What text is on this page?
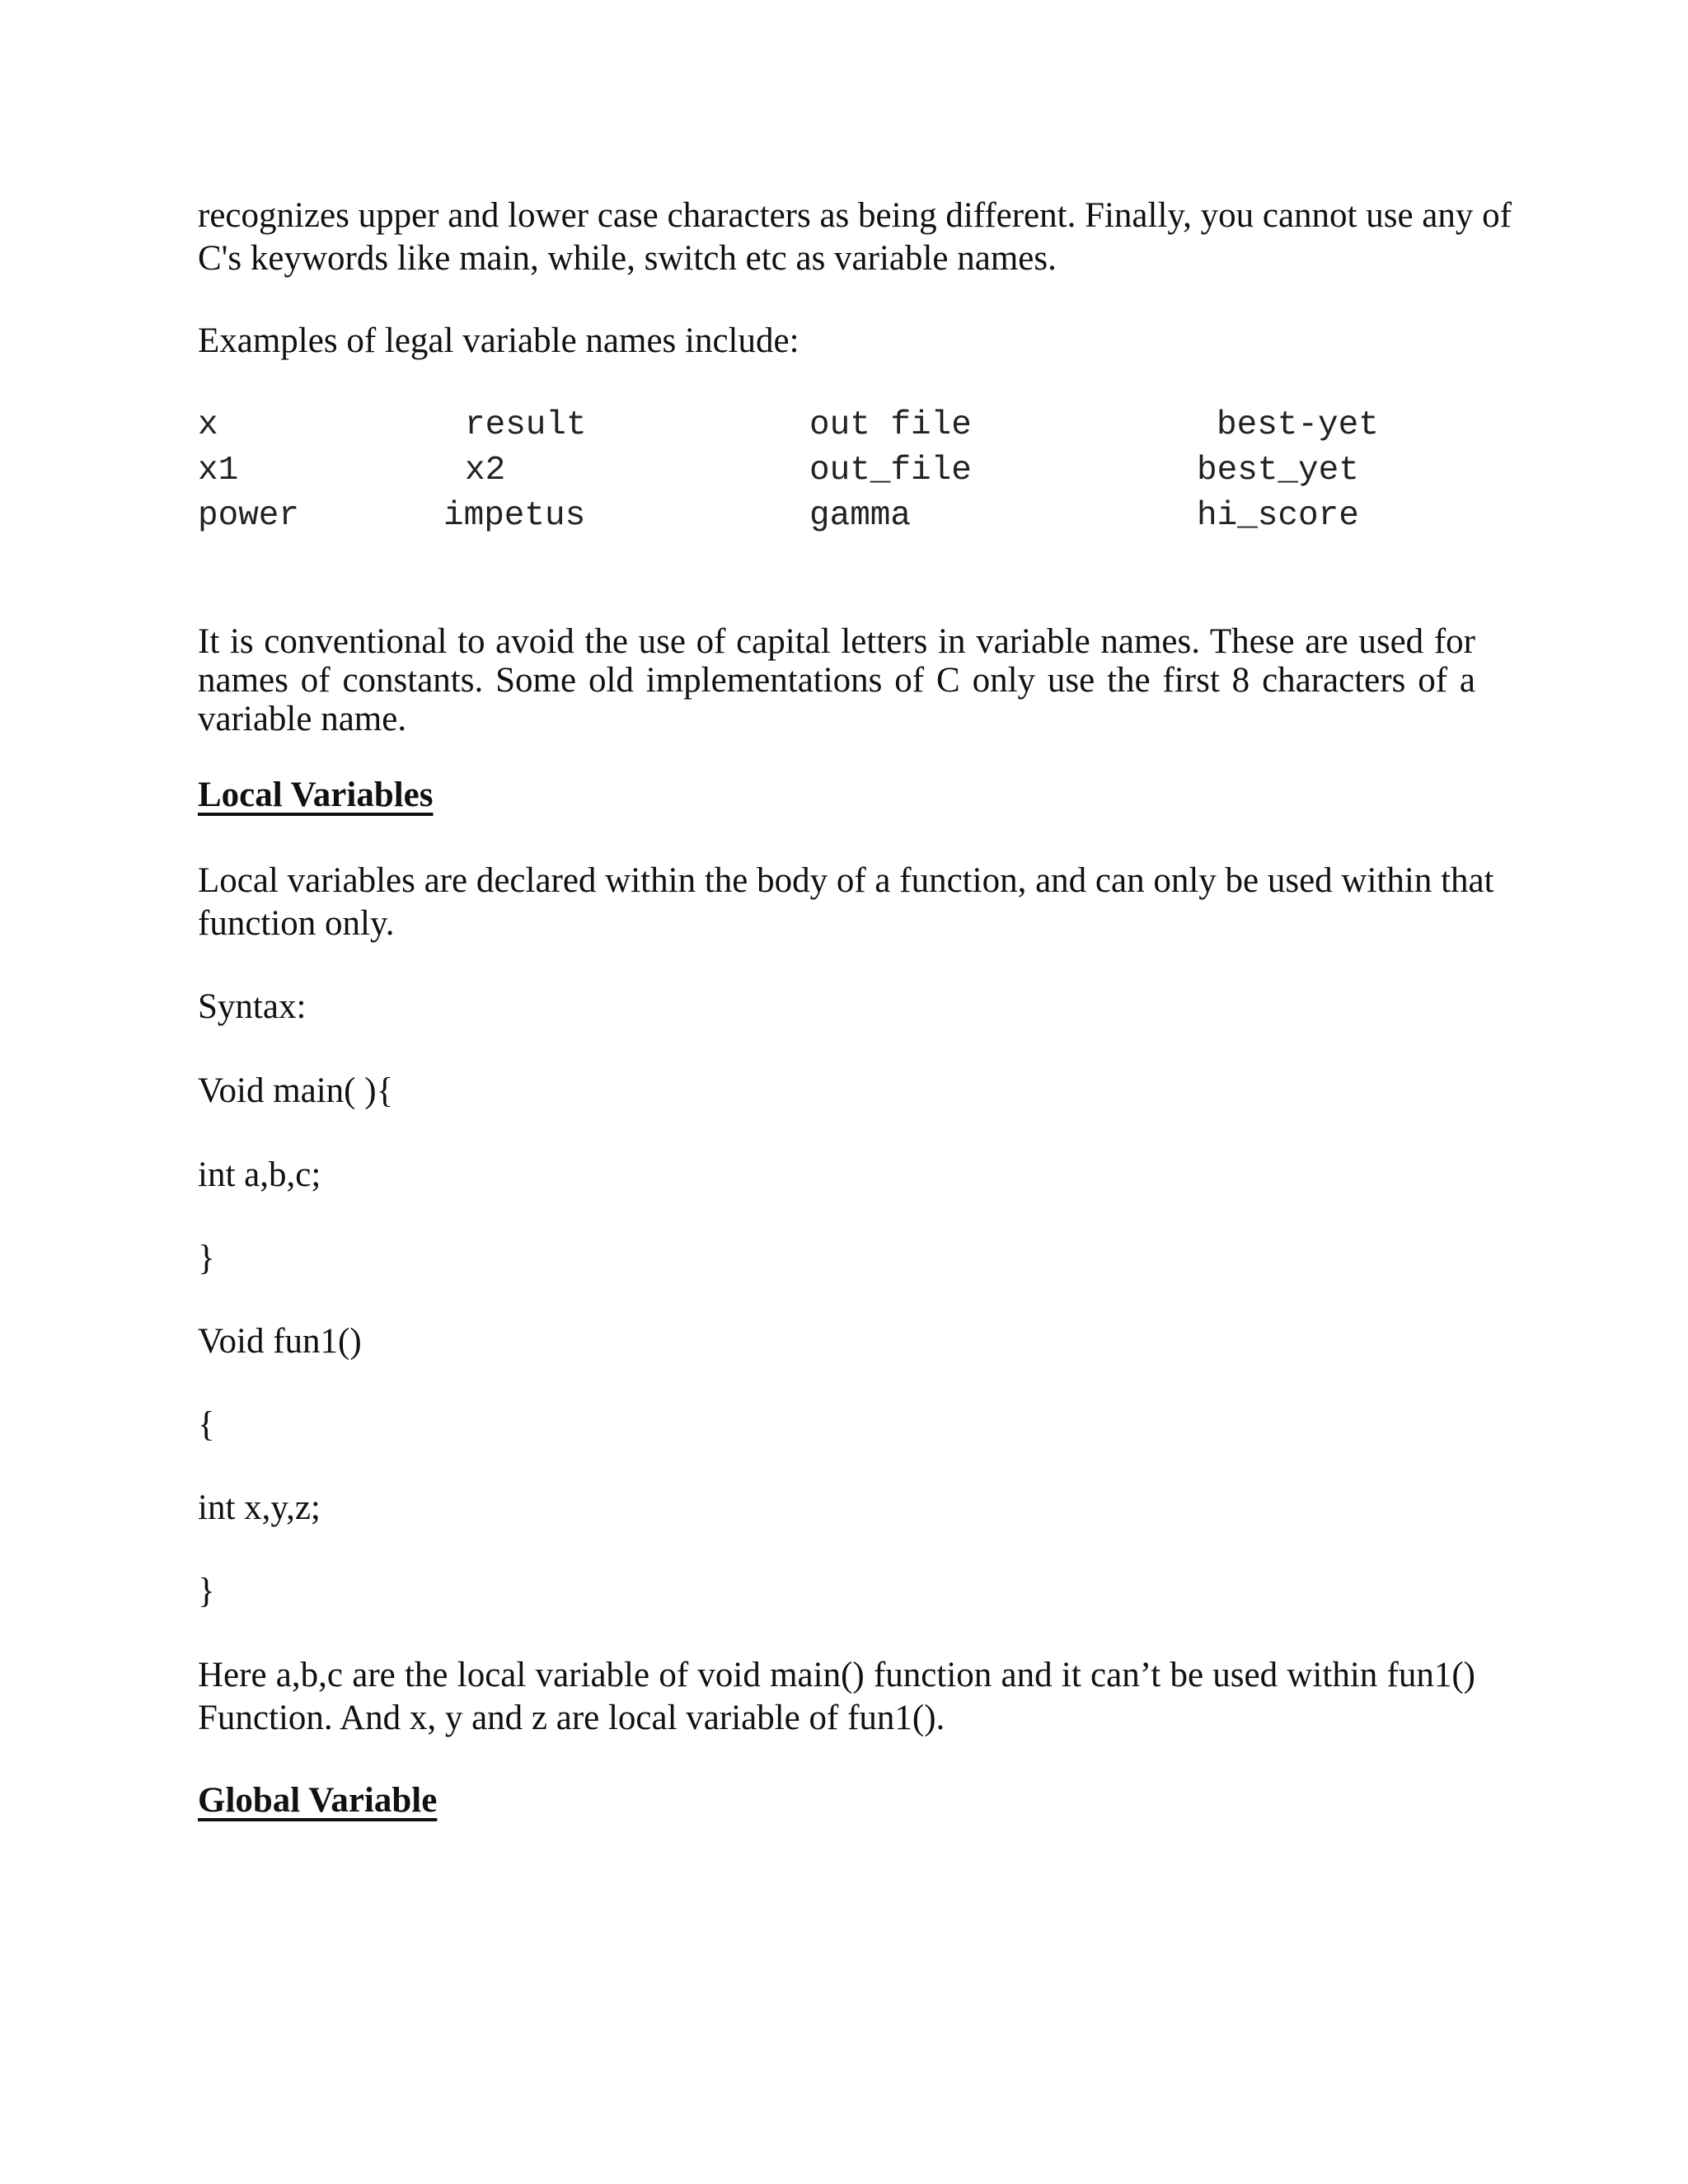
recognizes upper and lower case characters as being different. Finally, you cannot use any of
C's keywords like main, while, switch etc as variable names.

Examples of legal variable names include:

x	result	out file	best-yet
x1	x2	out_file	best_yet
power	impetus	gamma	hi_score
It is conventional to avoid the use of capital letters in variable names. These are used for
names of constants. Some old implementations of C only use the first 8 characters of a
variable name.

Local Variables

Local variables are declared within the body of a function, and can only be used within that
function only.

Syntax:

Void main( ){

int a,b,c;

}

Void fun1()

{

int x,y,z;

}

Here a,b,c are the local variable of void main() function and it can’t be used within fun1()
Function. And x, y and z are local variable of fun1().

Global Variable
